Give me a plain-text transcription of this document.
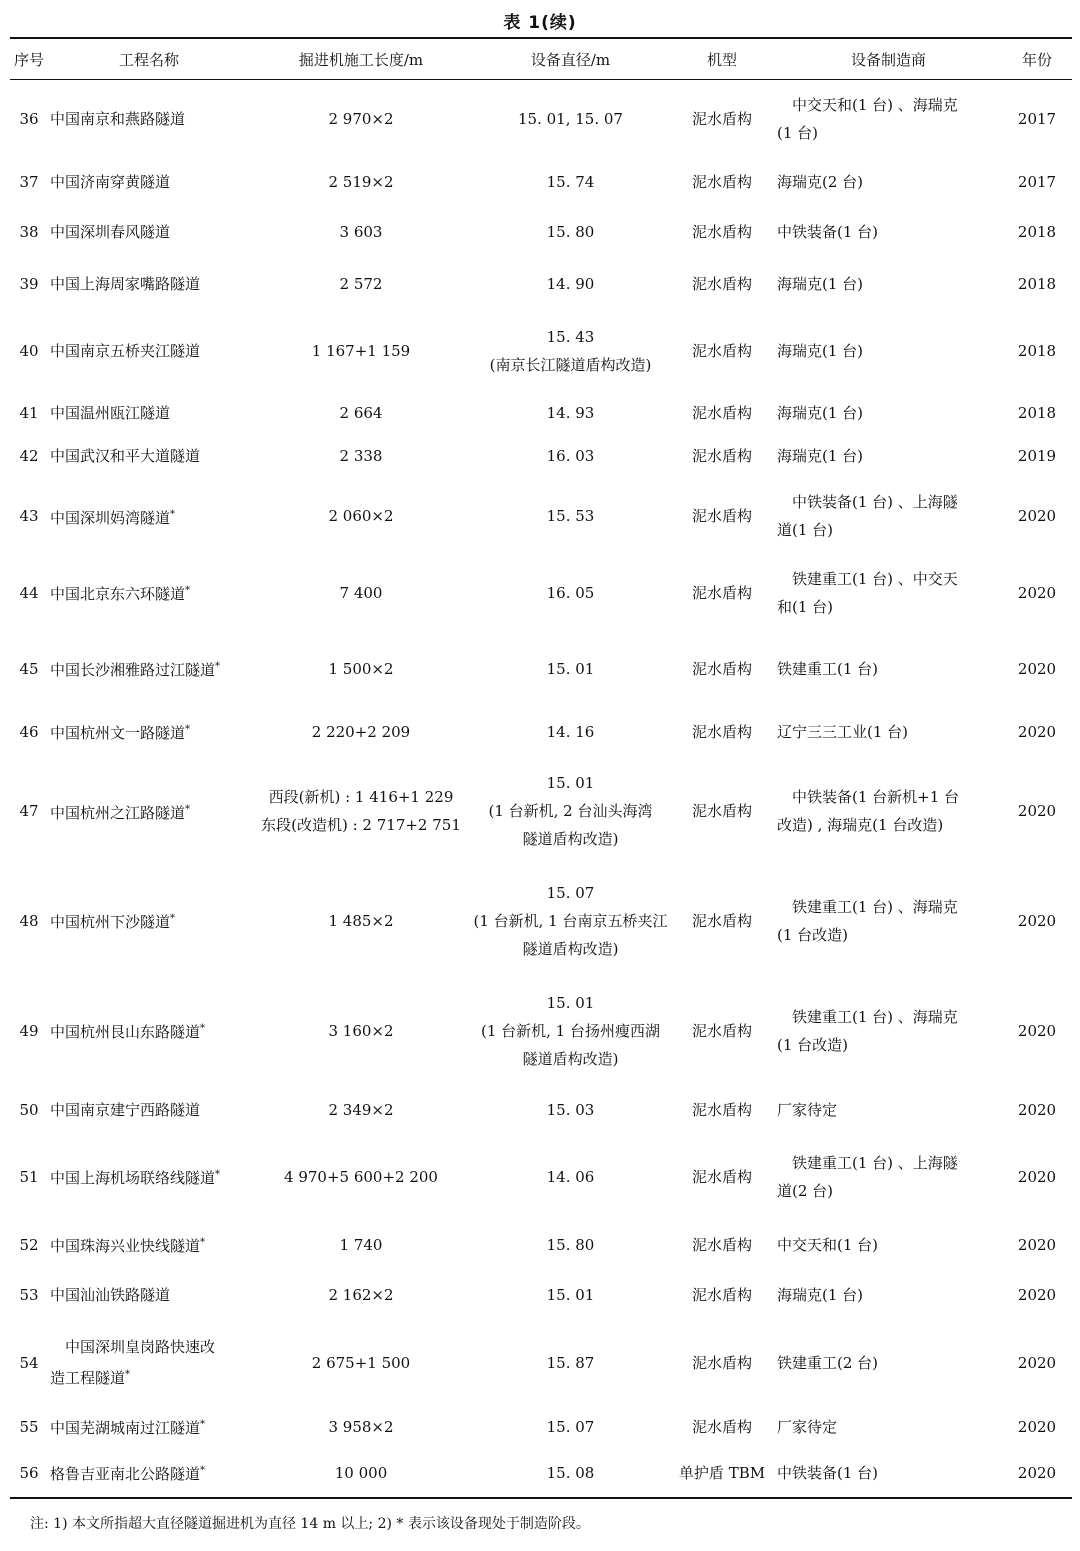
表 1(续)
序号	工程名称	掘进机施工长度/m	设备直径/m	机型	设备制造商	年份
36	中国南京和燕路隧道	2 970×2	15. 01, 15. 07	泥水盾构	中交天和(1 台) 、海瑞克
(1 台)	2017
37	中国济南穿黄隧道	2 519×2	15. 74	泥水盾构	海瑞克(2 台)	2017
38	中国深圳春风隧道	3 603	15. 80	泥水盾构	中铁装备(1 台)	2018
39	中国上海周家嘴路隧道	2 572	14. 90	泥水盾构	海瑞克(1 台)	2018
40	中国南京五桥夹江隧道	1 167+1 159	15. 43
(南京长江隧道盾构改造)	泥水盾构	海瑞克(1 台)	2018
41	中国温州瓯江隧道	2 664	14. 93	泥水盾构	海瑞克(1 台)	2018
42	中国武汉和平大道隧道	2 338	16. 03	泥水盾构	海瑞克(1 台)	2019
43	中国深圳妈湾隧道*	2 060×2	15. 53	泥水盾构	中铁装备(1 台) 、上海隧
道(1 台)	2020
44	中国北京东六环隧道*	7 400	16. 05	泥水盾构	铁建重工(1 台) 、中交天
和(1 台)	2020
45	中国长沙湘雅路过江隧道*	1 500×2	15. 01	泥水盾构	铁建重工(1 台)	2020
46	中国杭州文一路隧道*	2 220+2 209	14. 16	泥水盾构	辽宁三三工业(1 台)	2020
47	中国杭州之江路隧道*	西段(新机) : 1 416+1 229
东段(改造机) : 2 717+2 751	15. 01
(1 台新机, 2 台汕头海湾
隧道盾构改造)	泥水盾构	中铁装备(1 台新机+1 台
改造) , 海瑞克(1 台改造)	2020
48	中国杭州下沙隧道*	1 485×2	15. 07
(1 台新机, 1 台南京五桥夹江
隧道盾构改造)	泥水盾构	铁建重工(1 台) 、海瑞克
(1 台改造)	2020
49	中国杭州艮山东路隧道*	3 160×2	15. 01
(1 台新机, 1 台扬州瘦西湖
隧道盾构改造)	泥水盾构	铁建重工(1 台) 、海瑞克
(1 台改造)	2020
50	中国南京建宁西路隧道	2 349×2	15. 03	泥水盾构	厂家待定	2020
51	中国上海机场联络线隧道*	4 970+5 600+2 200	14. 06	泥水盾构	铁建重工(1 台) 、上海隧
道(2 台)	2020
52	中国珠海兴业快线隧道*	1 740	15. 80	泥水盾构	中交天和(1 台)	2020
53	中国汕汕铁路隧道	2 162×2	15. 01	泥水盾构	海瑞克(1 台)	2020
54	中国深圳皇岗路快速改
造工程隧道*	2 675+1 500	15. 87	泥水盾构	铁建重工(2 台)	2020
55	中国芜湖城南过江隧道*	3 958×2	15. 07	泥水盾构	厂家待定	2020
56	格鲁吉亚南北公路隧道*	10 000	15. 08	单护盾 TBM	中铁装备(1 台)	2020
注: 1) 本文所指超大直径隧道掘进机为直径 14 m 以上; 2) * 表示该设备现处于制造阶段。
